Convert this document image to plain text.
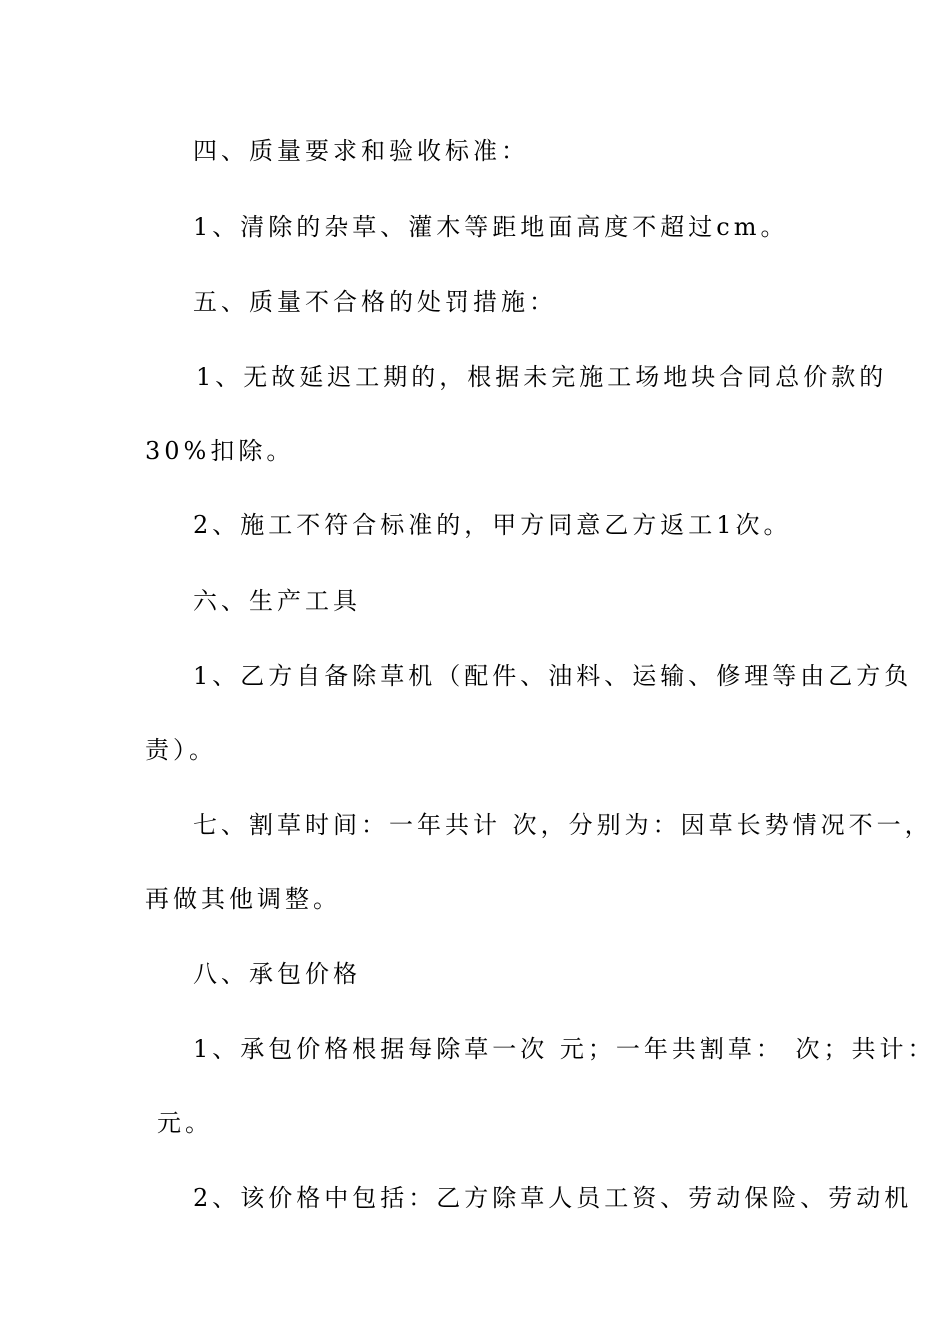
四、质量要求和验收标准：
1、清除的杂草、灌木等距地面高度不超过cm。
五、质量不合格的处罚措施：
1、无故延迟工期的，根据未完施工场地块合同总价款的
30%扣除。
2、施工不符合标准的，甲方同意乙方返工1次。
六、生产工具
1、乙方自备除草机（配件、油料、运输、修理等由乙方负
责）。
七、割草时间：一年共计 次，分别为：因草长势情况不一，
再做其他调整。
八、承包价格
1、承包价格根据每除草一次 元；一年共割草： 次；共计：
元。
2、该价格中包括：乙方除草人员工资、劳动保险、劳动机
